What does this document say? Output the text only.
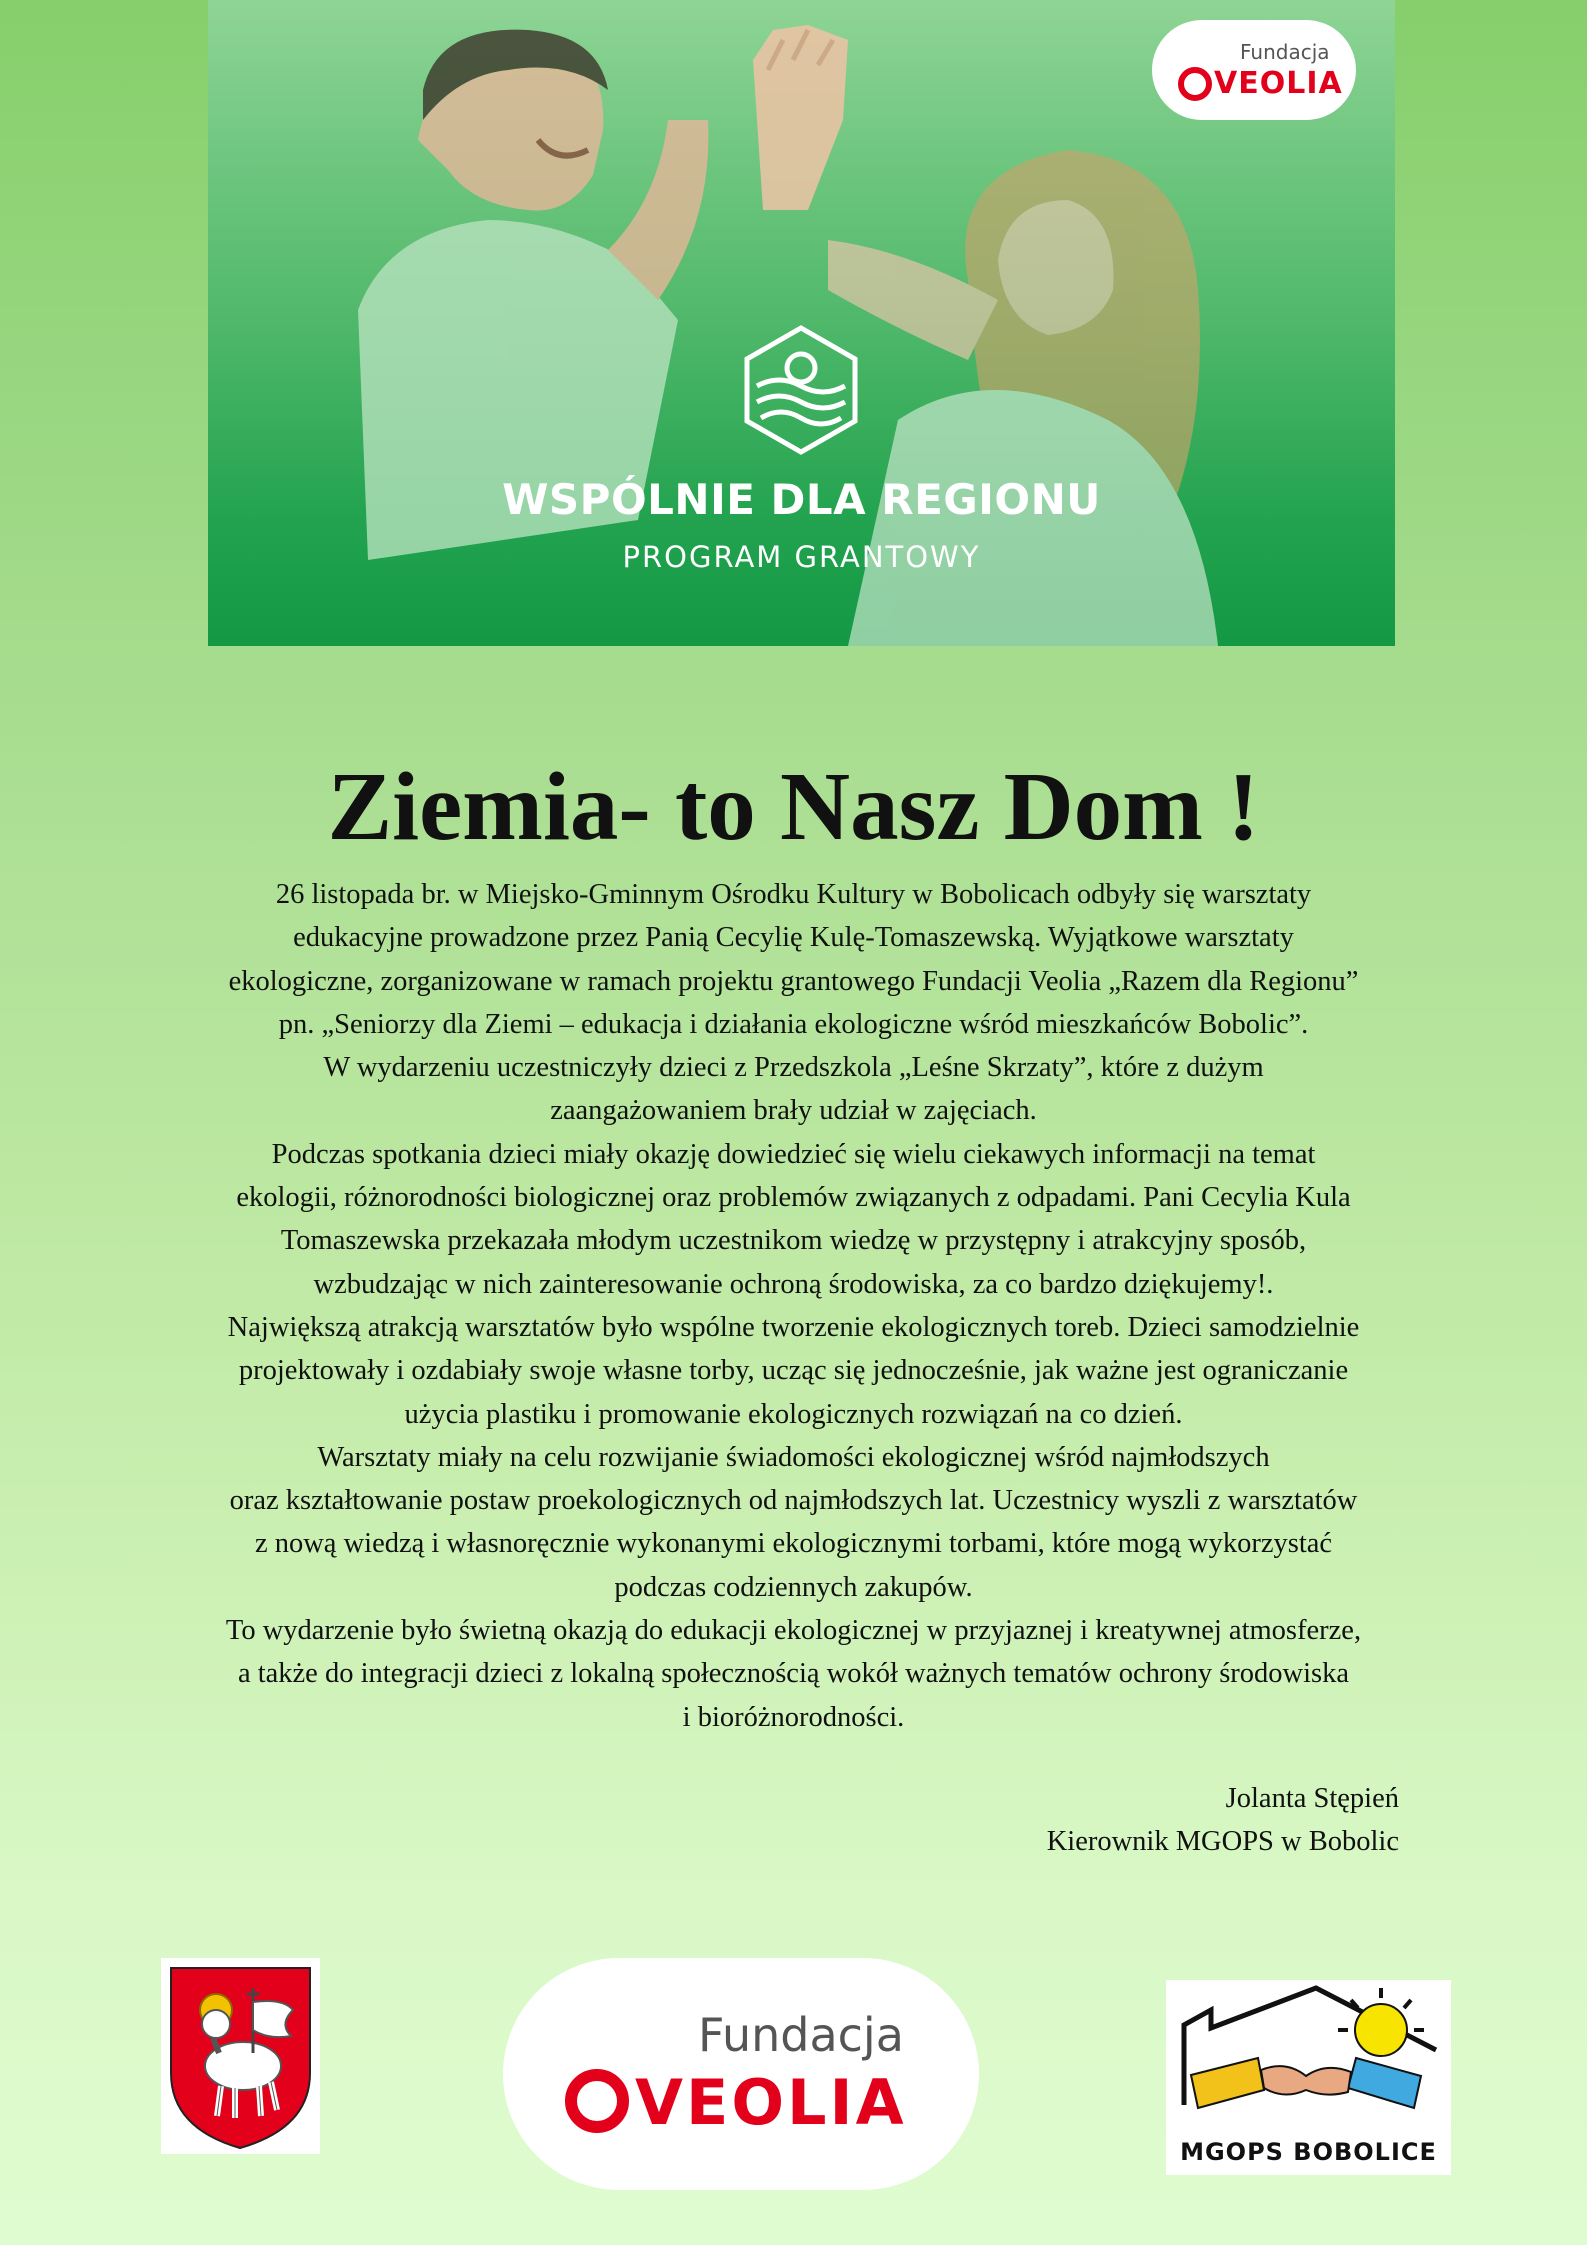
Fundacja
VEOLIA
WSPÓLNIE DLA REGIONU
PROGRAM GRANTOWY
Ziemia- to Nasz Dom !

26 listopada br. w Miejsko-Gminnym Ośrodku Kultury w Bobolicach odbyły się warsztaty

edukacyjne prowadzone przez Panią Cecylię Kulę-Tomaszewską. Wyjątkowe warsztaty

ekologiczne, zorganizowane w ramach projektu grantowego Fundacji Veolia „Razem dla Regionu”

pn. „Seniorzy dla Ziemi – edukacja i działania ekologiczne wśród mieszkańców Bobolic”.

W wydarzeniu uczestniczyły dzieci z Przedszkola „Leśne Skrzaty”, które z dużym

zaangażowaniem brały udział w zajęciach.

Podczas spotkania dzieci miały okazję dowiedzieć się wielu ciekawych informacji na temat

ekologii, różnorodności biologicznej oraz problemów związanych z odpadami. Pani Cecylia Kula

Tomaszewska przekazała młodym uczestnikom wiedzę w przystępny i atrakcyjny sposób,

wzbudzając w nich zainteresowanie ochroną środowiska, za co bardzo dziękujemy!.

Największą atrakcją warsztatów było wspólne tworzenie ekologicznych toreb. Dzieci samodzielnie

projektowały i ozdabiały swoje własne torby, ucząc się jednocześnie, jak ważne jest ograniczanie

użycia plastiku i promowanie ekologicznych rozwiązań na co dzień.

Warsztaty miały na celu rozwijanie świadomości ekologicznej wśród najmłodszych

oraz kształtowanie postaw proekologicznych od najmłodszych lat. Uczestnicy wyszli z warsztatów

z nową wiedzą i własnoręcznie wykonanymi ekologicznymi torbami, które mogą wykorzystać

podczas codziennych zakupów.

To wydarzenie było świetną okazją do edukacji ekologicznej w przyjaznej i kreatywnej atmosferze,

a także do integracji dzieci z lokalną społecznością wokół ważnych tematów ochrony środowiska

i bioróżnorodności.

Jolanta Stępień
Kierownik MGOPS w Bobolic
Fundacja
VEOLIA
MGOPS BOBOLICE
